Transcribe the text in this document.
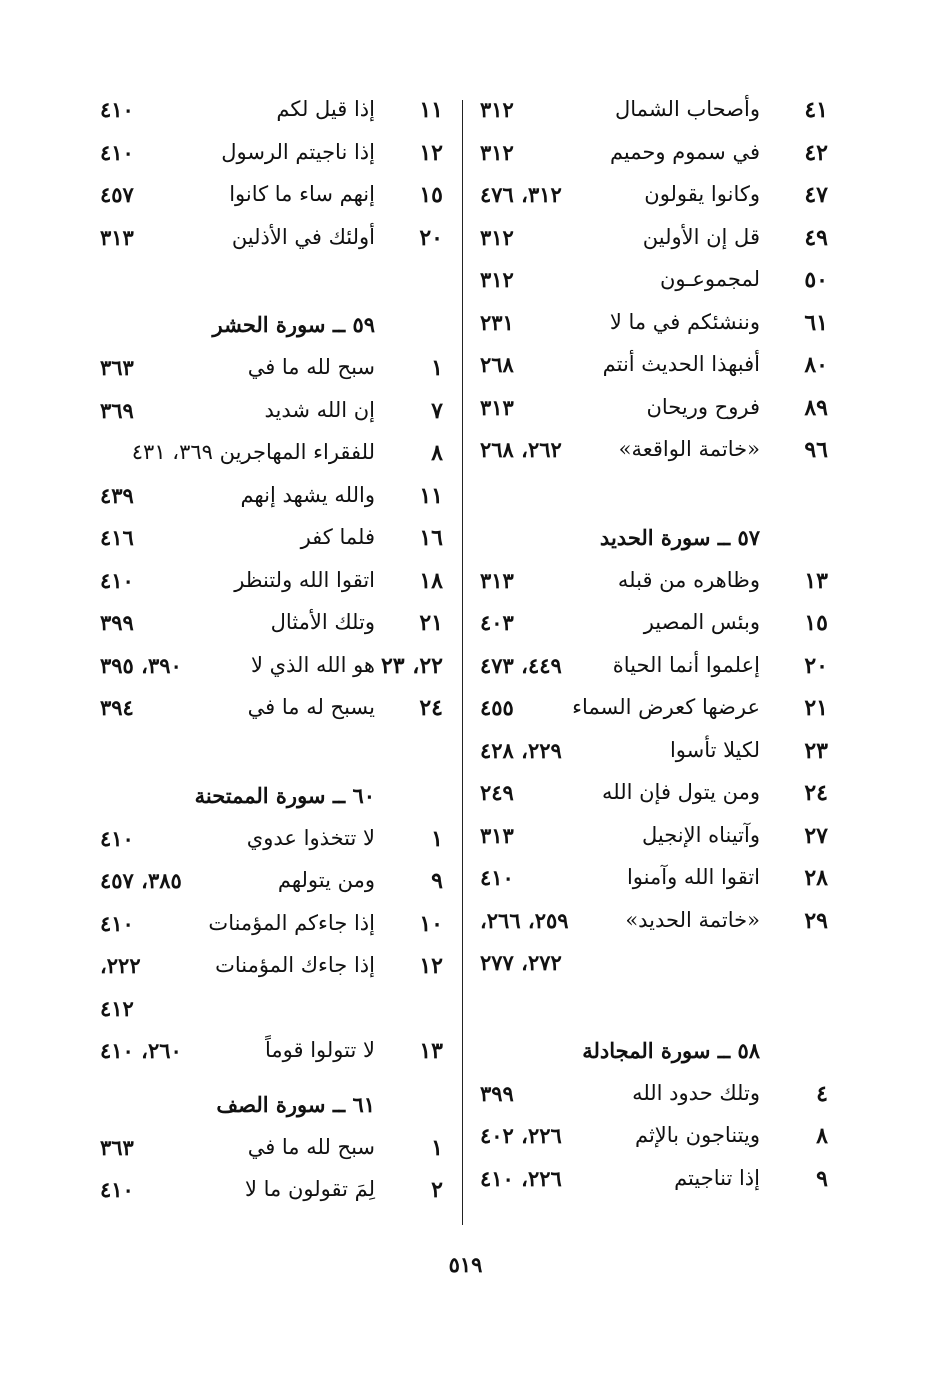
٤١
وأصحاب الشمال
٣١٢
٤٢
في سموم وحميم
٣١٢
٤٧
وكانوا يقولون
٣١٢، ٤٧٦
٤٩
قل إن الأولين
٣١٢
٥٠
لمجموعـون
٣١٢
٦١
وننشئكم في ما لا
٢٣١
٨٠
أفبهذا الحديث أنتم
٢٦٨
٨٩
فروح وريحان
٣١٣
٩٦
«خاتمة الواقعة»
٢٦٢، ٢٦٨
٥٧ ــ سورة الحديد
١٣
وظاهره من قبله
٣١٣
١٥
وبئس المصير
٤٠٣
٢٠
إعلموا أنما الحياة
٤٤٩، ٤٧٣
٢١
عرضها كعرض السماء
٤٥٥
٢٣
لكيلا تأسوا
٢٢٩، ٤٢٨
٢٤
ومن يتول فإن الله
٢٤٩
٢٧
وآتيناه الإنجيل
٣١٣
٢٨
اتقوا الله وآمنوا
٤١٠
٢٩
«خاتمة الحديد»
٢٥٩، ٢٦٦،
٢٧٢، ٢٧٧
٥٨ ــ سورة المجادلة
٤
وتلك حدود الله
٣٩٩
٨
ويتناجون بالإثم
٢٢٦، ٤٠٢
٩
إذا تناجيتم
٢٢٦، ٤١٠
١١
إذا قيل لكم
٤١٠
١٢
إذا ناجيتم الرسول
٤١٠
١٥
إنهم ساء ما كانوا
٤٥٧
٢٠
أولئك في الأذلين
٣١٣
٥٩ ــ سورة الحشر
١
سبح لله ما في
٣٦٣
٧
إن الله شديد
٣٦٩
٨
للفقراء المهاجرين ٣٦٩، ٤٣١
١١
والله يشهد إنهم
٤٣٩
١٦
فلما كفر
٤١٦
١٨
اتقوا الله ولتنظر
٤١٠
٢١
وتلك الأمثال
٣٩٩
٢٢، ٢٣
هو الله الذي لا
٣٩٠، ٣٩٥
٢٤
يسبح له ما في
٣٩٤
٦٠ ــ سورة الممتحنة
١
لا تتخذوا عدوي
٤١٠
٩
ومن يتولهم
٣٨٥، ٤٥٧
١٠
إذا جاءكم المؤمنات
٤١٠
١٢
إذا جاءك المؤمنات
٢٢٢،
٤١٢
١٣
لا تتولوا قوماً
٢٦٠، ٤١٠
٦١ ــ سورة الصف
١
سبح لله ما في
٣٦٣
٢
لِمَ تقولون ما لا
٤١٠
٥١٩
